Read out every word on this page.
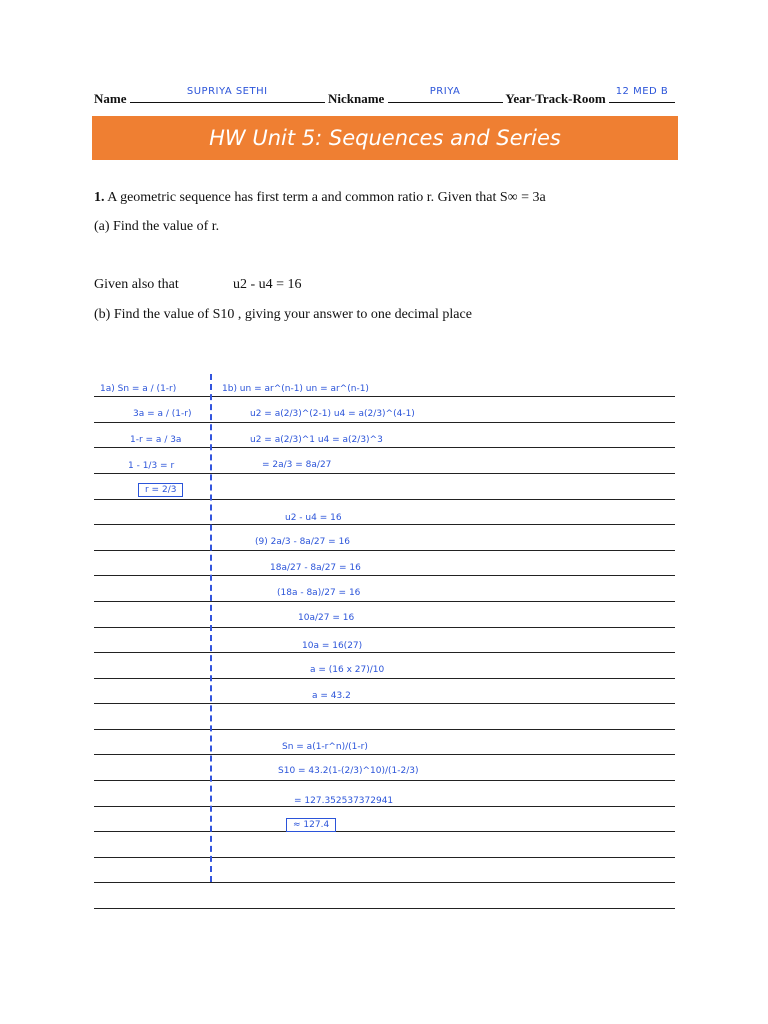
Name	SUPRIYA SETHI	Nickname	PRIYA	Year-Track-Room 12 MED B
HW Unit 5: Sequences and Series
1. A geometric sequence has first term a and common ratio r. Given that S∞ = 3a
(a) Find the value of r.
Given also that	u2 - u4 = 16
(b) Find the value of S10 , giving your answer to one decimal place
1a) Sn = a / (1-r)
3a = a / (1-r)
1-r = a / 3a
1 - 1/3 = r
r = 2/3
1b) un = ar^(n-1) un = ar^(n-1)
u2 = a(2/3)^(2-1) u4 = a(2/3)^(4-1)
u2 = a(2/3)^1 u4 = a(2/3)^3
= 2a/3 = 8a/27
u2 - u4 = 16
(9) 2a/3 - 8a/27 = 16
18a/27 - 8a/27 = 16
(18a - 8a)/27 = 16
10a/27 = 16
10a = 16(27)
a = (16 x 27)/10
a = 43.2
Sn = a(1-r^n)/(1-r)
S10 = 43.2(1-(2/3)^10)/(1-2/3)
= 127.352537372941
≈ 127.4
